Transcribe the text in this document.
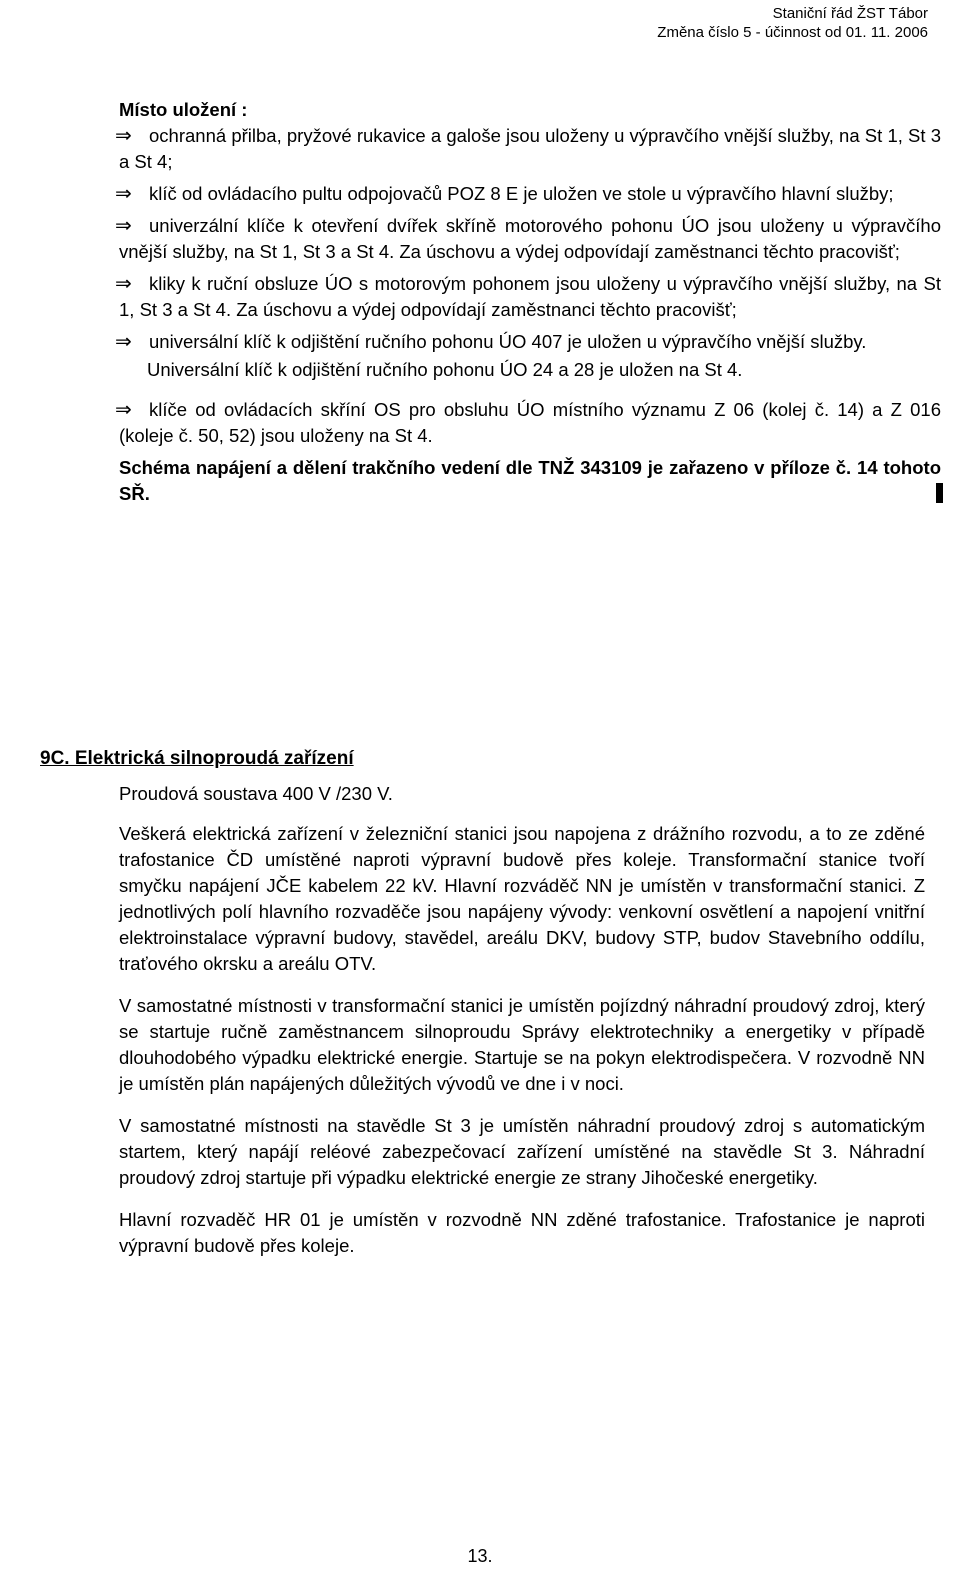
Staniční řád ŽST Tábor
Změna číslo 5 - účinnost od 01. 11. 2006

Místo uložení :

⇒ ochranná přilba, pryžové rukavice a galoše jsou uloženy u výpravčího vnější služby, na St 1, St 3 a St 4;
⇒ klíč od ovládacího pultu odpojovačů POZ 8 E je uložen ve stole u výpravčího hlavní služby;
⇒ univerzální klíče k otevření dvířek skříně motorového pohonu ÚO jsou uloženy u výpravčího vnější služby, na St 1, St 3 a St 4. Za úschovu a výdej odpovídají zaměstnanci těchto pracovišť;
⇒ kliky k ruční obsluze ÚO s motorovým pohonem jsou uloženy u výpravčího vnější služby, na St 1, St 3 a St 4. Za úschovu a výdej odpovídají zaměstnanci těchto pracovišť;
⇒ universální klíč k odjištění ručního pohonu ÚO 407 je uložen u výpravčího vnější služby.
Universální klíč k odjištění ručního pohonu ÚO 24 a 28 je uložen na St 4.
⇒ klíče od ovládacích skříní OS pro obsluhu ÚO místního významu Z 06 (kolej č. 14) a Z 016 (koleje č. 50, 52) jsou uloženy na St 4.

Schéma napájení a dělení trakčního vedení dle TNŽ 343109 je zařazeno v příloze č. 14 tohoto SŘ.

9C. Elektrická silnoproudá zařízení

Proudová soustava 400 V /230 V.

Veškerá elektrická zařízení v železniční stanici jsou napojena z drážního rozvodu, a to ze zděné trafostanice ČD umístěné naproti výpravní budově přes koleje. Transformační stanice tvoří smyčku napájení JČE kabelem 22 kV. Hlavní rozváděč NN je umístěn v transformační stanici. Z jednotlivých polí hlavního rozvaděče jsou napájeny vývody: venkovní osvětlení a napojení vnitřní elektroinstalace výpravní budovy, stavědel, areálu DKV, budovy STP, budov Stavebního oddílu, traťového okrsku a areálu OTV.

V samostatné místnosti v transformační stanici je umístěn pojízdný náhradní proudový zdroj, který se startuje ručně zaměstnancem silnoproudu Správy elektrotechniky a energetiky v případě dlouhodobého výpadku elektrické energie. Startuje se na pokyn elektrodispečera. V rozvodně NN je umístěn plán napájených důležitých vývodů ve dne i v noci.

V samostatné místnosti na stavědle St 3 je umístěn náhradní proudový zdroj s automatickým startem, který napájí reléové zabezpečovací zařízení umístěné na stavědle St 3. Náhradní proudový zdroj startuje při výpadku elektrické energie ze strany Jihočeské energetiky.

Hlavní rozvaděč HR 01 je umístěn v rozvodně NN zděné trafostanice. Trafostanice je naproti výpravní budově přes koleje.

13.
